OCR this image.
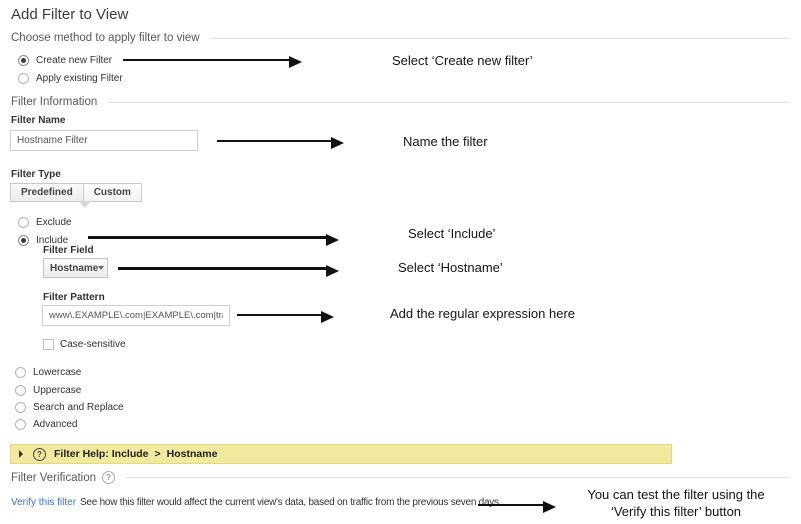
Add Filter to View
Choose method to apply filter to view
Create new Filter
Apply existing Filter
Select ‘Create new filter’
Filter Information
Filter Name
Hostname Filter
Name the filter
Filter Type
Predefined	Custom
Exclude
Include	Select ‘Include’
Filter Field
Hostname	Select ‘Hostname’
Filter Pattern
www\.EXAMPLE\.com|EXAMPLE\.com|transl
Add the regular expression here
Case-sensitive
Lowercase
Uppercase
Search and Replace
Advanced
?	Filter Help: Include > Hostname
Filter Verification	?
Verify this filter See how this filter would affect the current view's data, based on traffic from the previous seven days.
You can test the filter using the
‘Verify this filter’ button
